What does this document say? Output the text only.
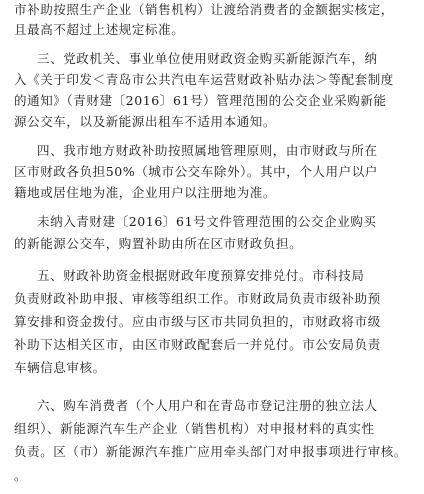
市补助按照生产企业（销售机构）让渡给消费者的金额据实核定，
且最高不超过上述规定标准。
三、党政机关、事业单位使用财政资金购买新能源汽车，纳
入《关于印发＜青岛市公共汽电车运营财政补贴办法＞等配套制度
的通知》（青财建〔2016〕61号）管理范围的公交企业采购新能
源公交车，以及新能源出租车不适用本通知。
四、我市地方财政补助按照属地管理原则，由市财政与所在
区市财政各负担50%（城市公交车除外）。其中，个人用户以户
籍地或居住地为准，企业用户以注册地为准。
未纳入青财建〔2016〕61号文件管理范围的公交企业购买
的新能源公交车，购置补助由所在区市财政负担。
五、财政补助资金根据财政年度预算安排兑付。市科技局
负责财政补助申报、审核等组织工作。市财政局负责市级补助预
算安排和资金拨付。应由市级与区市共同负担的，市财政将市级
补助下达相关区市，由区市财政配套后一并兑付。市公安局负责
车辆信息审核。
六、购车消费者（个人用户和在青岛市登记注册的独立法人
组织）、新能源汽车生产企业（销售机构）对申报材料的真实性
负责。区（市）新能源汽车推广应用牵头部门对申报事项进行审核。
。
